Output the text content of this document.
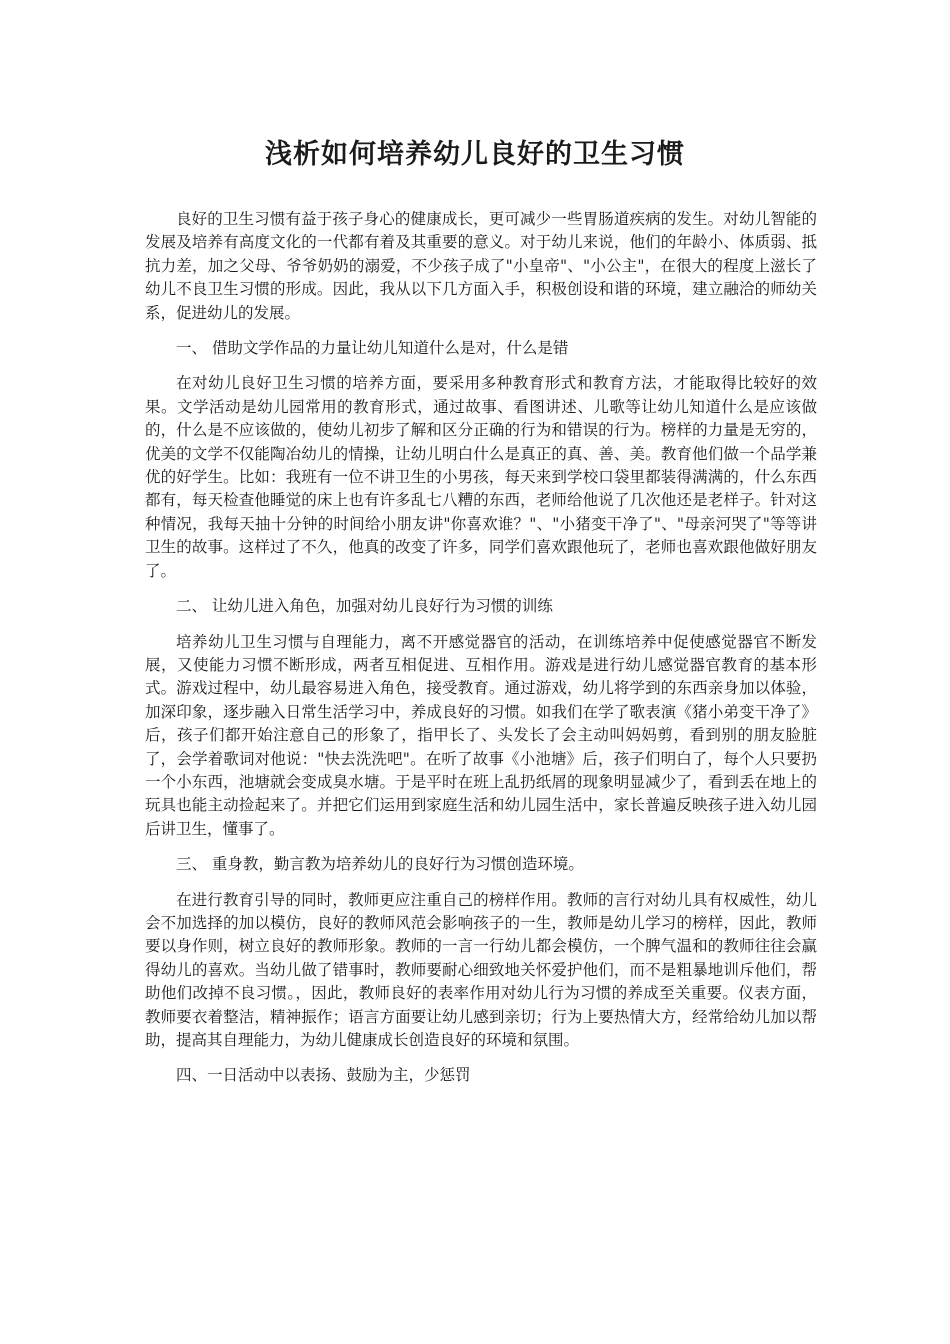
浅析如何培养幼儿良好的卫生习惯

良好的卫生习惯有益于孩子身心的健康成长，更可减少一些胃肠道疾病的发生。对幼儿智能的发展及培养有高度文化的一代都有着及其重要的意义。对于幼儿来说，他们的年龄小、体质弱、抵抗力差，加之父母、爷爷奶奶的溺爱，不少孩子成了"小皇帝"、"小公主"，在很大的程度上滋长了幼儿不良卫生习惯的形成。因此，我从以下几方面入手，积极创设和谐的环境，建立融洽的师幼关系，促进幼儿的发展。

一、 借助文学作品的力量让幼儿知道什么是对，什么是错

在对幼儿良好卫生习惯的培养方面，要采用多种教育形式和教育方法，才能取得比较好的效果。文学活动是幼儿园常用的教育形式，通过故事、看图讲述、儿歌等让幼儿知道什么是应该做的，什么是不应该做的，使幼儿初步了解和区分正确的行为和错误的行为。榜样的力量是无穷的，优美的文学不仅能陶冶幼儿的情操，让幼儿明白什么是真正的真、善、美。教育他们做一个品学兼优的好学生。比如：我班有一位不讲卫生的小男孩，每天来到学校口袋里都装得满满的，什么东西都有，每天检查他睡觉的床上也有许多乱七八糟的东西，老师给他说了几次他还是老样子。针对这种情况，我每天抽十分钟的时间给小朋友讲"你喜欢谁？"、"小猪变干净了"、"母亲河哭了"等等讲卫生的故事。这样过了不久，他真的改变了许多，同学们喜欢跟他玩了，老师也喜欢跟他做好朋友了。

二、 让幼儿进入角色，加强对幼儿良好行为习惯的训练

培养幼儿卫生习惯与自理能力，离不开感觉器官的活动，在训练培养中促使感觉器官不断发展，又使能力习惯不断形成，两者互相促进、互相作用。游戏是进行幼儿感觉器官教育的基本形式。游戏过程中，幼儿最容易进入角色，接受教育。通过游戏，幼儿将学到的东西亲身加以体验，加深印象，逐步融入日常生活学习中，养成良好的习惯。如我们在学了歌表演《猪小弟变干净了》后，孩子们都开始注意自己的形象了，指甲长了、头发长了会主动叫妈妈剪，看到别的朋友脸脏了，会学着歌词对他说："快去洗洗吧"。在听了故事《小池塘》后，孩子们明白了，每个人只要扔一个小东西，池塘就会变成臭水塘。于是平时在班上乱扔纸屑的现象明显减少了，看到丢在地上的玩具也能主动捡起来了。并把它们运用到家庭生活和幼儿园生活中，家长普遍反映孩子进入幼儿园后讲卫生，懂事了。

三、 重身教，勤言教为培养幼儿的良好行为习惯创造环境。

在进行教育引导的同时，教师更应注重自己的榜样作用。教师的言行对幼儿具有权威性，幼儿会不加选择的加以模仿，良好的教师风范会影响孩子的一生，教师是幼儿学习的榜样，因此，教师要以身作则，树立良好的教师形象。教师的一言一行幼儿都会模仿，一个脾气温和的教师往往会赢得幼儿的喜欢。当幼儿做了错事时，教师要耐心细致地关怀爱护他们，而不是粗暴地训斥他们，帮助他们改掉不良习惯。，因此，教师良好的表率作用对幼儿行为习惯的养成至关重要。仪表方面，教师要衣着整洁，精神振作；语言方面要让幼儿感到亲切；行为上要热情大方，经常给幼儿加以帮助，提高其自理能力，为幼儿健康成长创造良好的环境和氛围。

四、一日活动中以表扬、鼓励为主，少惩罚
